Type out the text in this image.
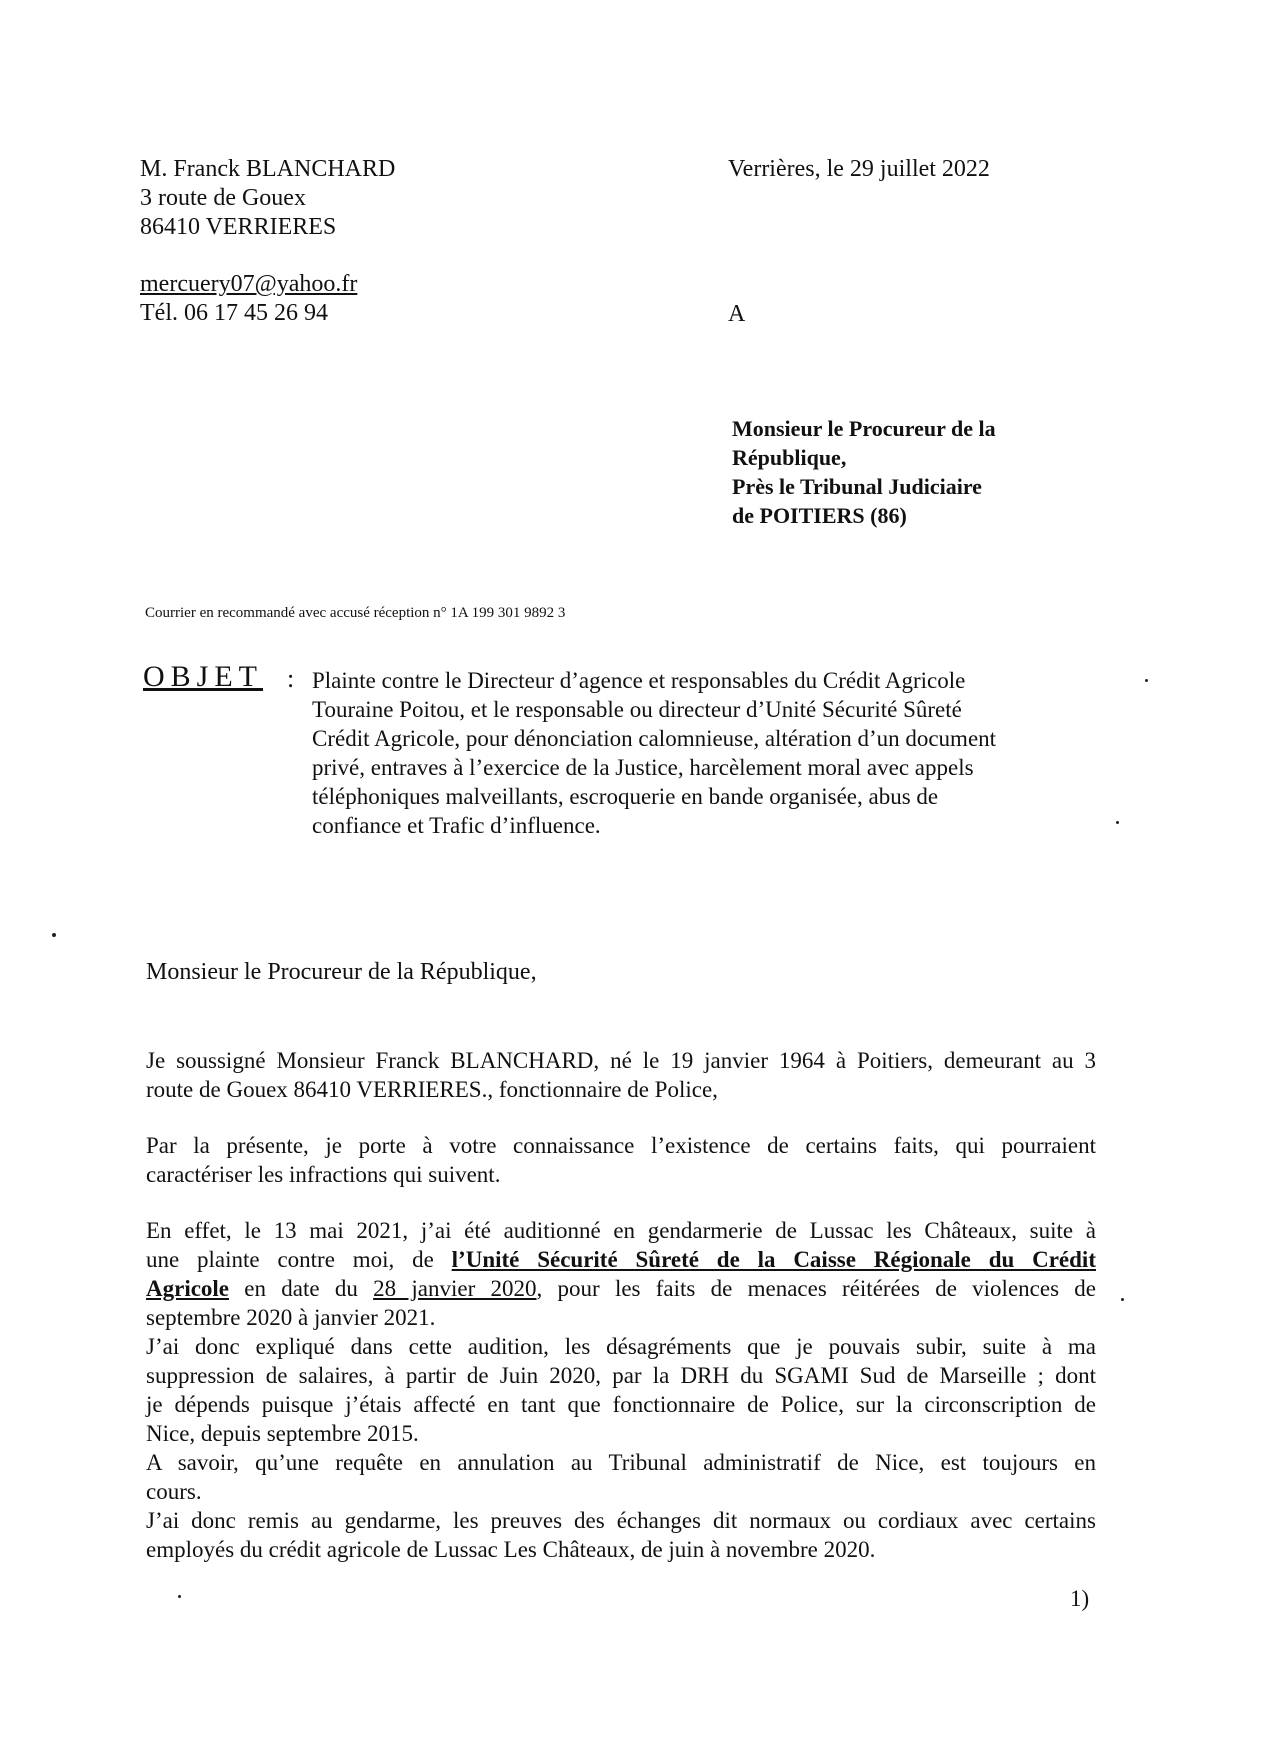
M. Franck BLANCHARD
3 route de Gouex
86410 VERRIERES
mercuery07@yahoo.fr
Tél. 06 17 45 26 94
Verrières, le 29 juillet 2022
A
Monsieur le Procureur de la
République,
Près le Tribunal Judiciaire
de POITIERS (86)
Courrier en recommandé avec accusé réception n° 1A 199 301 9892 3
OBJET : Plainte contre le Directeur d’agence et responsables du Crédit Agricole
Touraine Poitou, et le responsable ou directeur d’Unité Sécurité Sûreté
Crédit Agricole, pour dénonciation calomnieuse, altération d’un document
privé, entraves à l’exercice de la Justice, harcèlement moral avec appels
téléphoniques malveillants, escroquerie en bande organisée, abus de
confiance et Trafic d’influence.
Monsieur le Procureur de la République,
Je soussigné Monsieur Franck BLANCHARD, né le 19 janvier 1964 à Poitiers, demeurant au 3
route de Gouex 86410 VERRIERES., fonctionnaire de Police,
Par la présente, je porte à votre connaissance l’existence de certains faits, qui pourraient
caractériser les infractions qui suivent.
En effet, le 13 mai 2021, j’ai été auditionné en gendarmerie de Lussac les Châteaux, suite à
une plainte contre moi, de l’Unité Sécurité Sûreté de la Caisse Régionale du Crédit
Agricole en date du 28 janvier 2020, pour les faits de menaces réitérées de violences de
septembre 2020 à janvier 2021.
J’ai donc expliqué dans cette audition, les désagréments que je pouvais subir, suite à ma
suppression de salaires, à partir de Juin 2020, par la DRH du SGAMI Sud de Marseille ; dont
je dépends puisque j’étais affecté en tant que fonctionnaire de Police, sur la circonscription de
Nice, depuis septembre 2015.
A savoir, qu’une requête en annulation au Tribunal administratif de Nice, est toujours en
cours.
J’ai donc remis au gendarme, les preuves des échanges dit normaux ou cordiaux avec certains
employés du crédit agricole de Lussac Les Châteaux, de juin à novembre 2020.
1)
